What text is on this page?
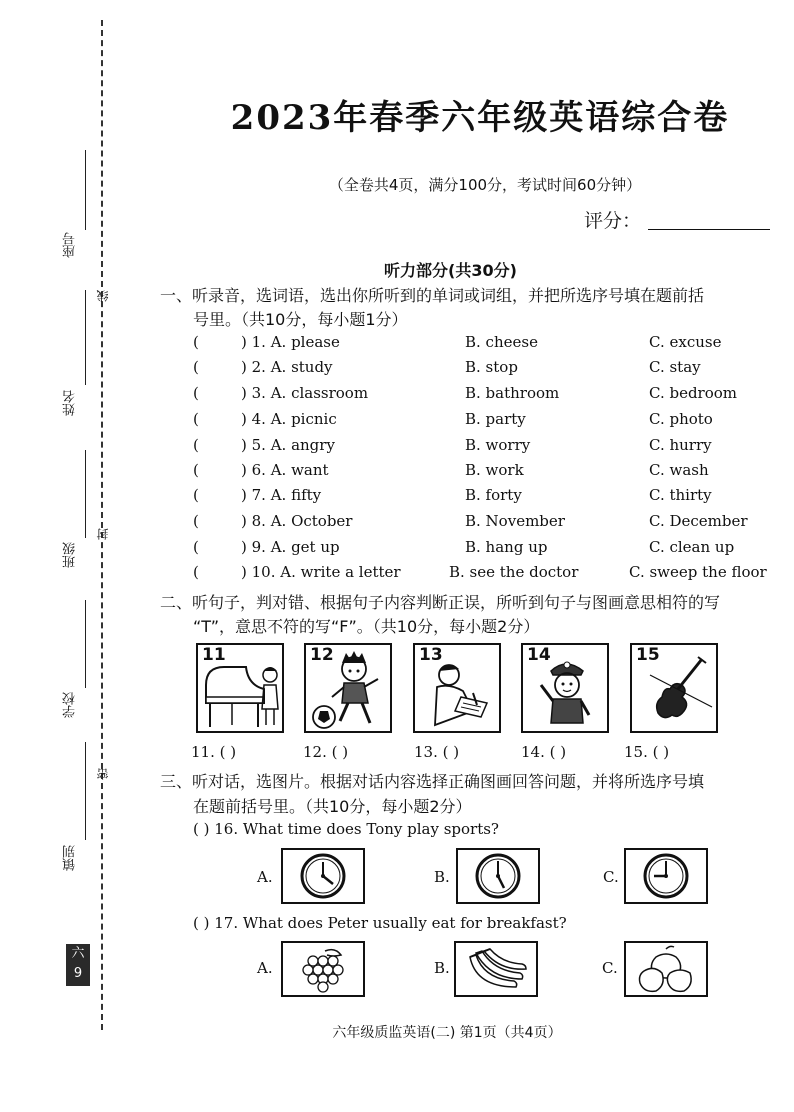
座号
线
姓名
封
班级
学校
密
镇别
六
9
2023年春季六年级英语综合卷
（全卷共4页，满分100分，考试时间60分钟）
评分：
听力部分(共30分)
一、听录音，选词语，选出你所听到的单词或词组，并把所选序号填在题前括
号里。（共10分，每小题1分）
(	) 1. A. please	B. cheese	C. excuse
(	) 2. A. study	B. stop	C. stay
(	) 3. A. classroom	B. bathroom	C. bedroom
(	) 4. A. picnic	B. party	C. photo
(	) 5. A. angry	B. worry	C. hurry
(	) 6. A. want	B. work	C. wash
(	) 7. A. fifty	B. forty	C. thirty
(	) 8. A. October	B. November	C. December
(	) 9. A. get up	B. hang up	C. clean up
(	) 10. A. write a letter	B. see the doctor	C. sweep the floor
二、听句子，判对错、根据句子内容判断正误，所听到句子与图画意思相符的写
“T”，意思不符的写“F”。（共10分，每小题2分）
11	12	13	14	15
11. ( )	12. ( )	13. ( )	14. ( )	15. ( )
三、听对话，选图片。根据对话内容选择正确图画回答问题，并将所选序号填
在题前括号里。（共10分，每小题2分）
( ) 16. What time does Tony play sports?
A.	B.	C.
( ) 17. What does Peter usually eat for breakfast?
A.	B.	C.
六年级质监英语(二) 第1页（共4页）
